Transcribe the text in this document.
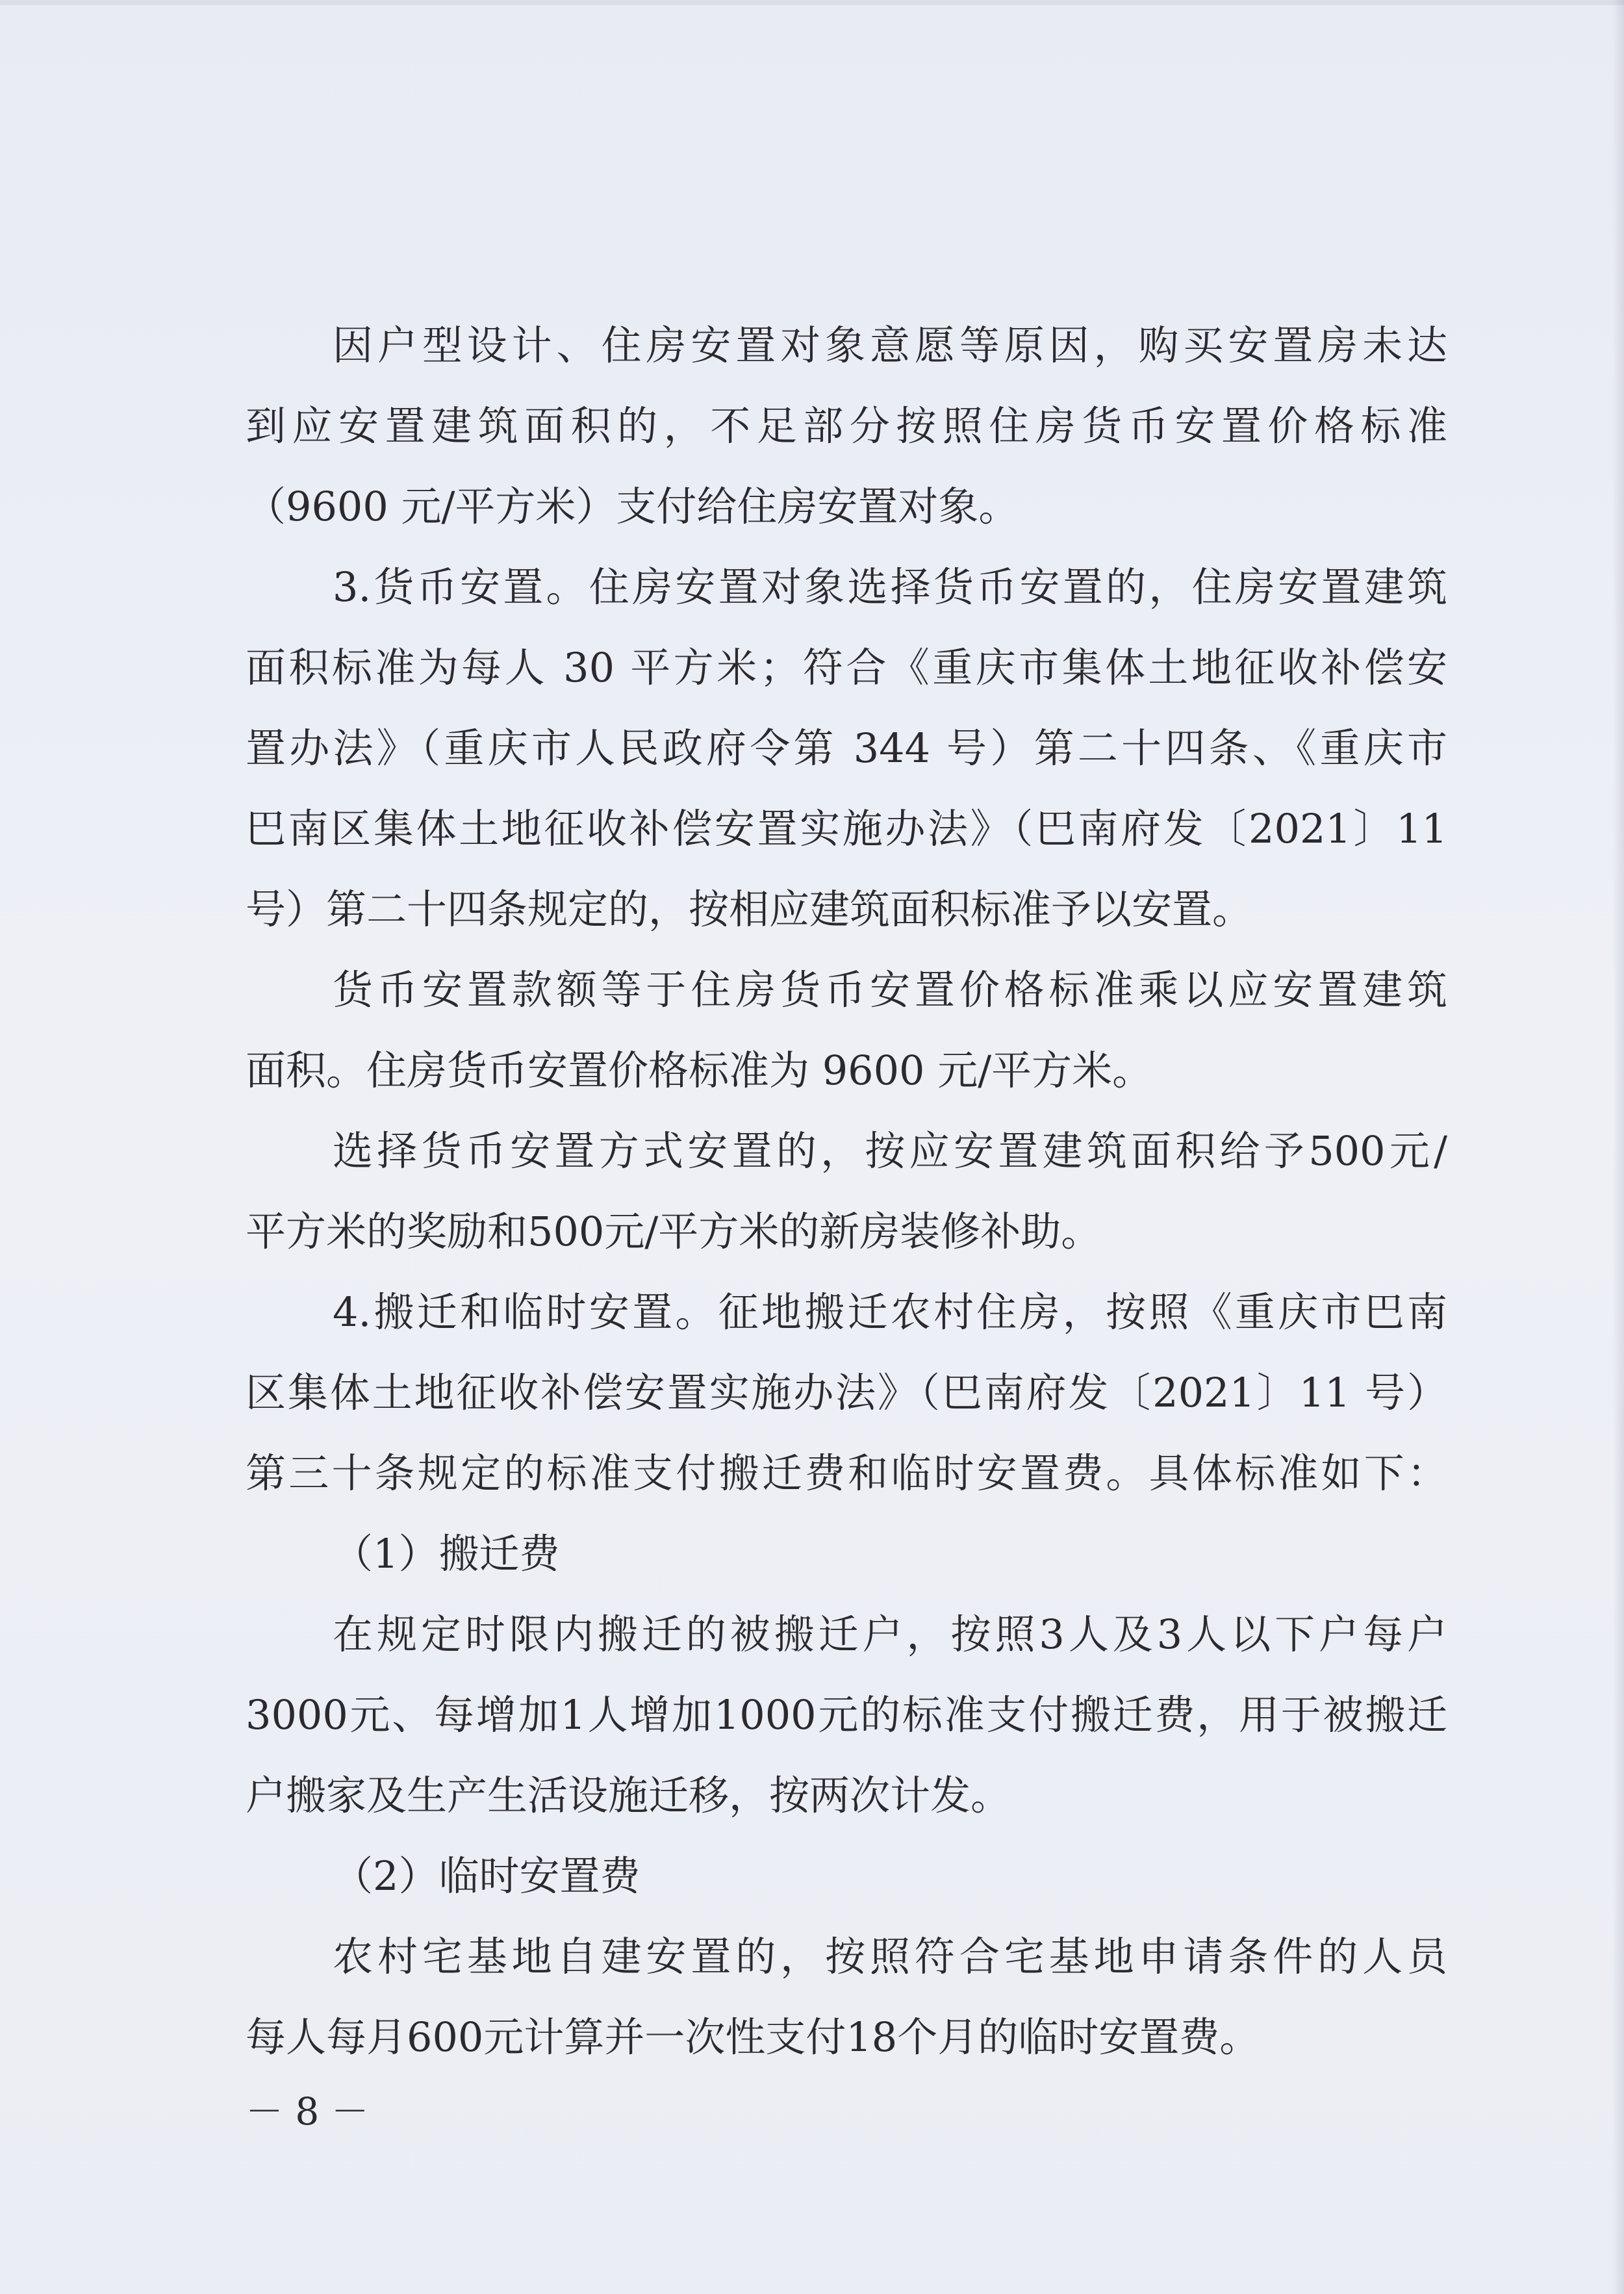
因户型设计、住房安置对象意愿等原因，购买安置房未达
到应安置建筑面积的，不足部分按照住房货币安置价格标准
（9600 元/平方米）支付给住房安置对象。
3.货币安置。住房安置对象选择货币安置的，住房安置建筑
面积标准为每人 30 平方米；符合《重庆市集体土地征收补偿安
置办法》（重庆市人民政府令第 344 号）第二十四条、《重庆市
巴南区集体土地征收补偿安置实施办法》（巴南府发〔2021〕11
号）第二十四条规定的，按相应建筑面积标准予以安置。
货币安置款额等于住房货币安置价格标准乘以应安置建筑
面积。住房货币安置价格标准为 9600 元/平方米。
选择货币安置方式安置的，按应安置建筑面积给予500元/
平方米的奖励和500元/平方米的新房装修补助。
4.搬迁和临时安置。征地搬迁农村住房，按照《重庆市巴南
区集体土地征收补偿安置实施办法》（巴南府发〔2021〕11 号）
第三十条规定的标准支付搬迁费和临时安置费。具体标准如下：
（1）搬迁费
在规定时限内搬迁的被搬迁户，按照3人及3人以下户每户
3000元、每增加1人增加1000元的标准支付搬迁费，用于被搬迁
户搬家及生产生活设施迁移，按两次计发。
（2）临时安置费
农村宅基地自建安置的，按照符合宅基地申请条件的人员
每人每月600元计算并一次性支付18个月的临时安置费。
－ 8 －
